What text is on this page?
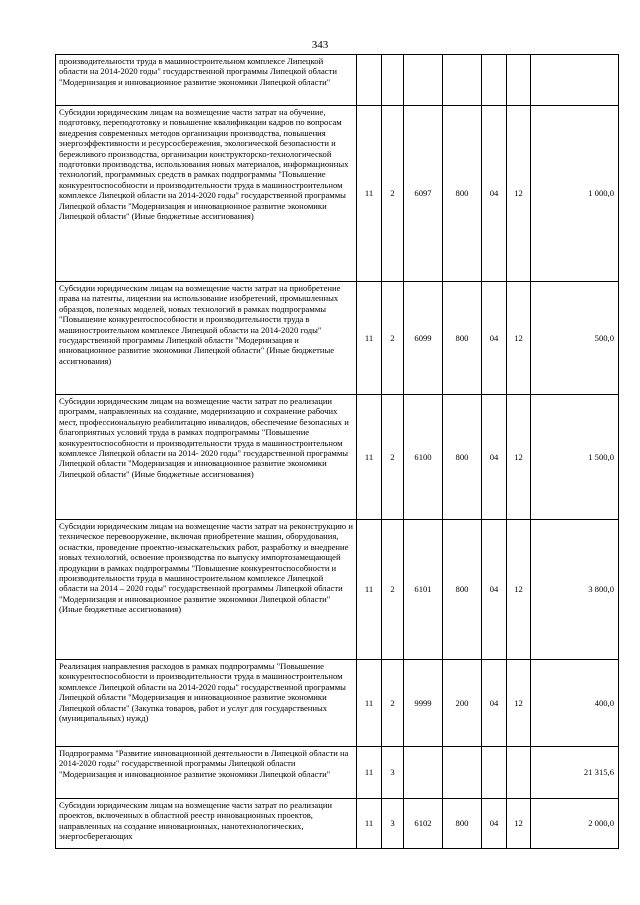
343
производительности труда в машиностроительном комплексе Липецкой области на 2014-2020 годы" государственной программы Липецкой области "Модернизация и инновационное развитие экономики Липецкой области"							
Субсидии юридическим лицам на возмещение части затрат на обучение, подготовку, переподготовку и повышение квалификации кадров по вопросам внедрения современных методов организации производства, повышения энергоэффективности и ресурсосбережения, экологической безопасности и бережливого производства, организации конструкторско-технологической подготовки производства, использования новых материалов, информационных технологий, программных средств в рамках подпрограммы "Повышение конкурентоспособности и производительности труда в машиностроительном комплексе Липецкой области на 2014-2020 годы" государственной программы Липецкой области "Модернизация и инновационное развитие экономики Липецкой области" (Иные бюджетные ассигнования)	11	2	6097	800	04	12	1 000,0
Субсидии юридическим лицам на возмещение части затрат на приобретение права на патенты, лицензии на использование изобретений, промышленных образцов, полезных моделей, новых технологий в рамках подпрограммы "Повышение конкурентоспособности и производительности труда в машиностроительном комплексе Липецкой области на 2014-2020 годы" государственной программы Липецкой области "Модернизация и инновационное развитие экономики Липецкой области" (Иные бюджетные ассигнования)	11	2	6099	800	04	12	500,0
Субсидии юридическим лицам на возмещение части затрат по реализации программ, направленных на создание, модернизацию и сохранение рабочих мест, профессиональную реабилитацию инвалидов, обеспечение безопасных и благоприятных условий труда в рамках подпрограммы "Повышение конкурентоспособности и производительности труда в машиностроительном комплексе Липецкой области на 2014- 2020 годы" государственной программы Липецкой области "Модернизация и инновационное развитие экономики Липецкой области" (Иные бюджетные ассигнования)	11	2	6100	800	04	12	1 500,0
Субсидии юридическим лицам на возмещение части затрат на реконструкцию и техническое перевооружение, включая приобретение машин, оборудования, оснастки, проведение проектно-изыскательских работ, разработку и внедрение новых технологий, освоение производства по выпуску импортозамещающей продукции в рамках подпрограммы "Повышение конкурентоспособности и производительности труда в машиностроительном комплексе Липецкой области на 2014 – 2020 годы" государственной программы Липецкой области "Модернизация и инновационное развитие экономики Липецкой области" (Иные бюджетные ассигнования)	11	2	6101	800	04	12	3 800,0
Реализация направления расходов в рамках подпрограммы "Повышение конкурентоспособности и производительности труда в машиностроительном комплексе Липецкой области на 2014-2020 годы" государственной программы Липецкой области "Модернизация и инновационное развитие экономики Липецкой области" (Закупка товаров, работ и услуг для государственных (муниципальных) нужд)	11	2	9999	200	04	12	400,0
Подпрограмма "Развитие инновационной деятельности в Липецкой области на 2014-2020 годы" государственной программы Липецкой области "Модернизация и инновационное развитие экономики Липецкой области"	11	3					21 315,6
Субсидии юридическим лицам на возмещение части затрат по реализации проектов, включенных в областной реестр инновационных проектов, направленных на создание инновационных, нанотехнологических, энергосберегающих	11	3	6102	800	04	12	2 000,0
